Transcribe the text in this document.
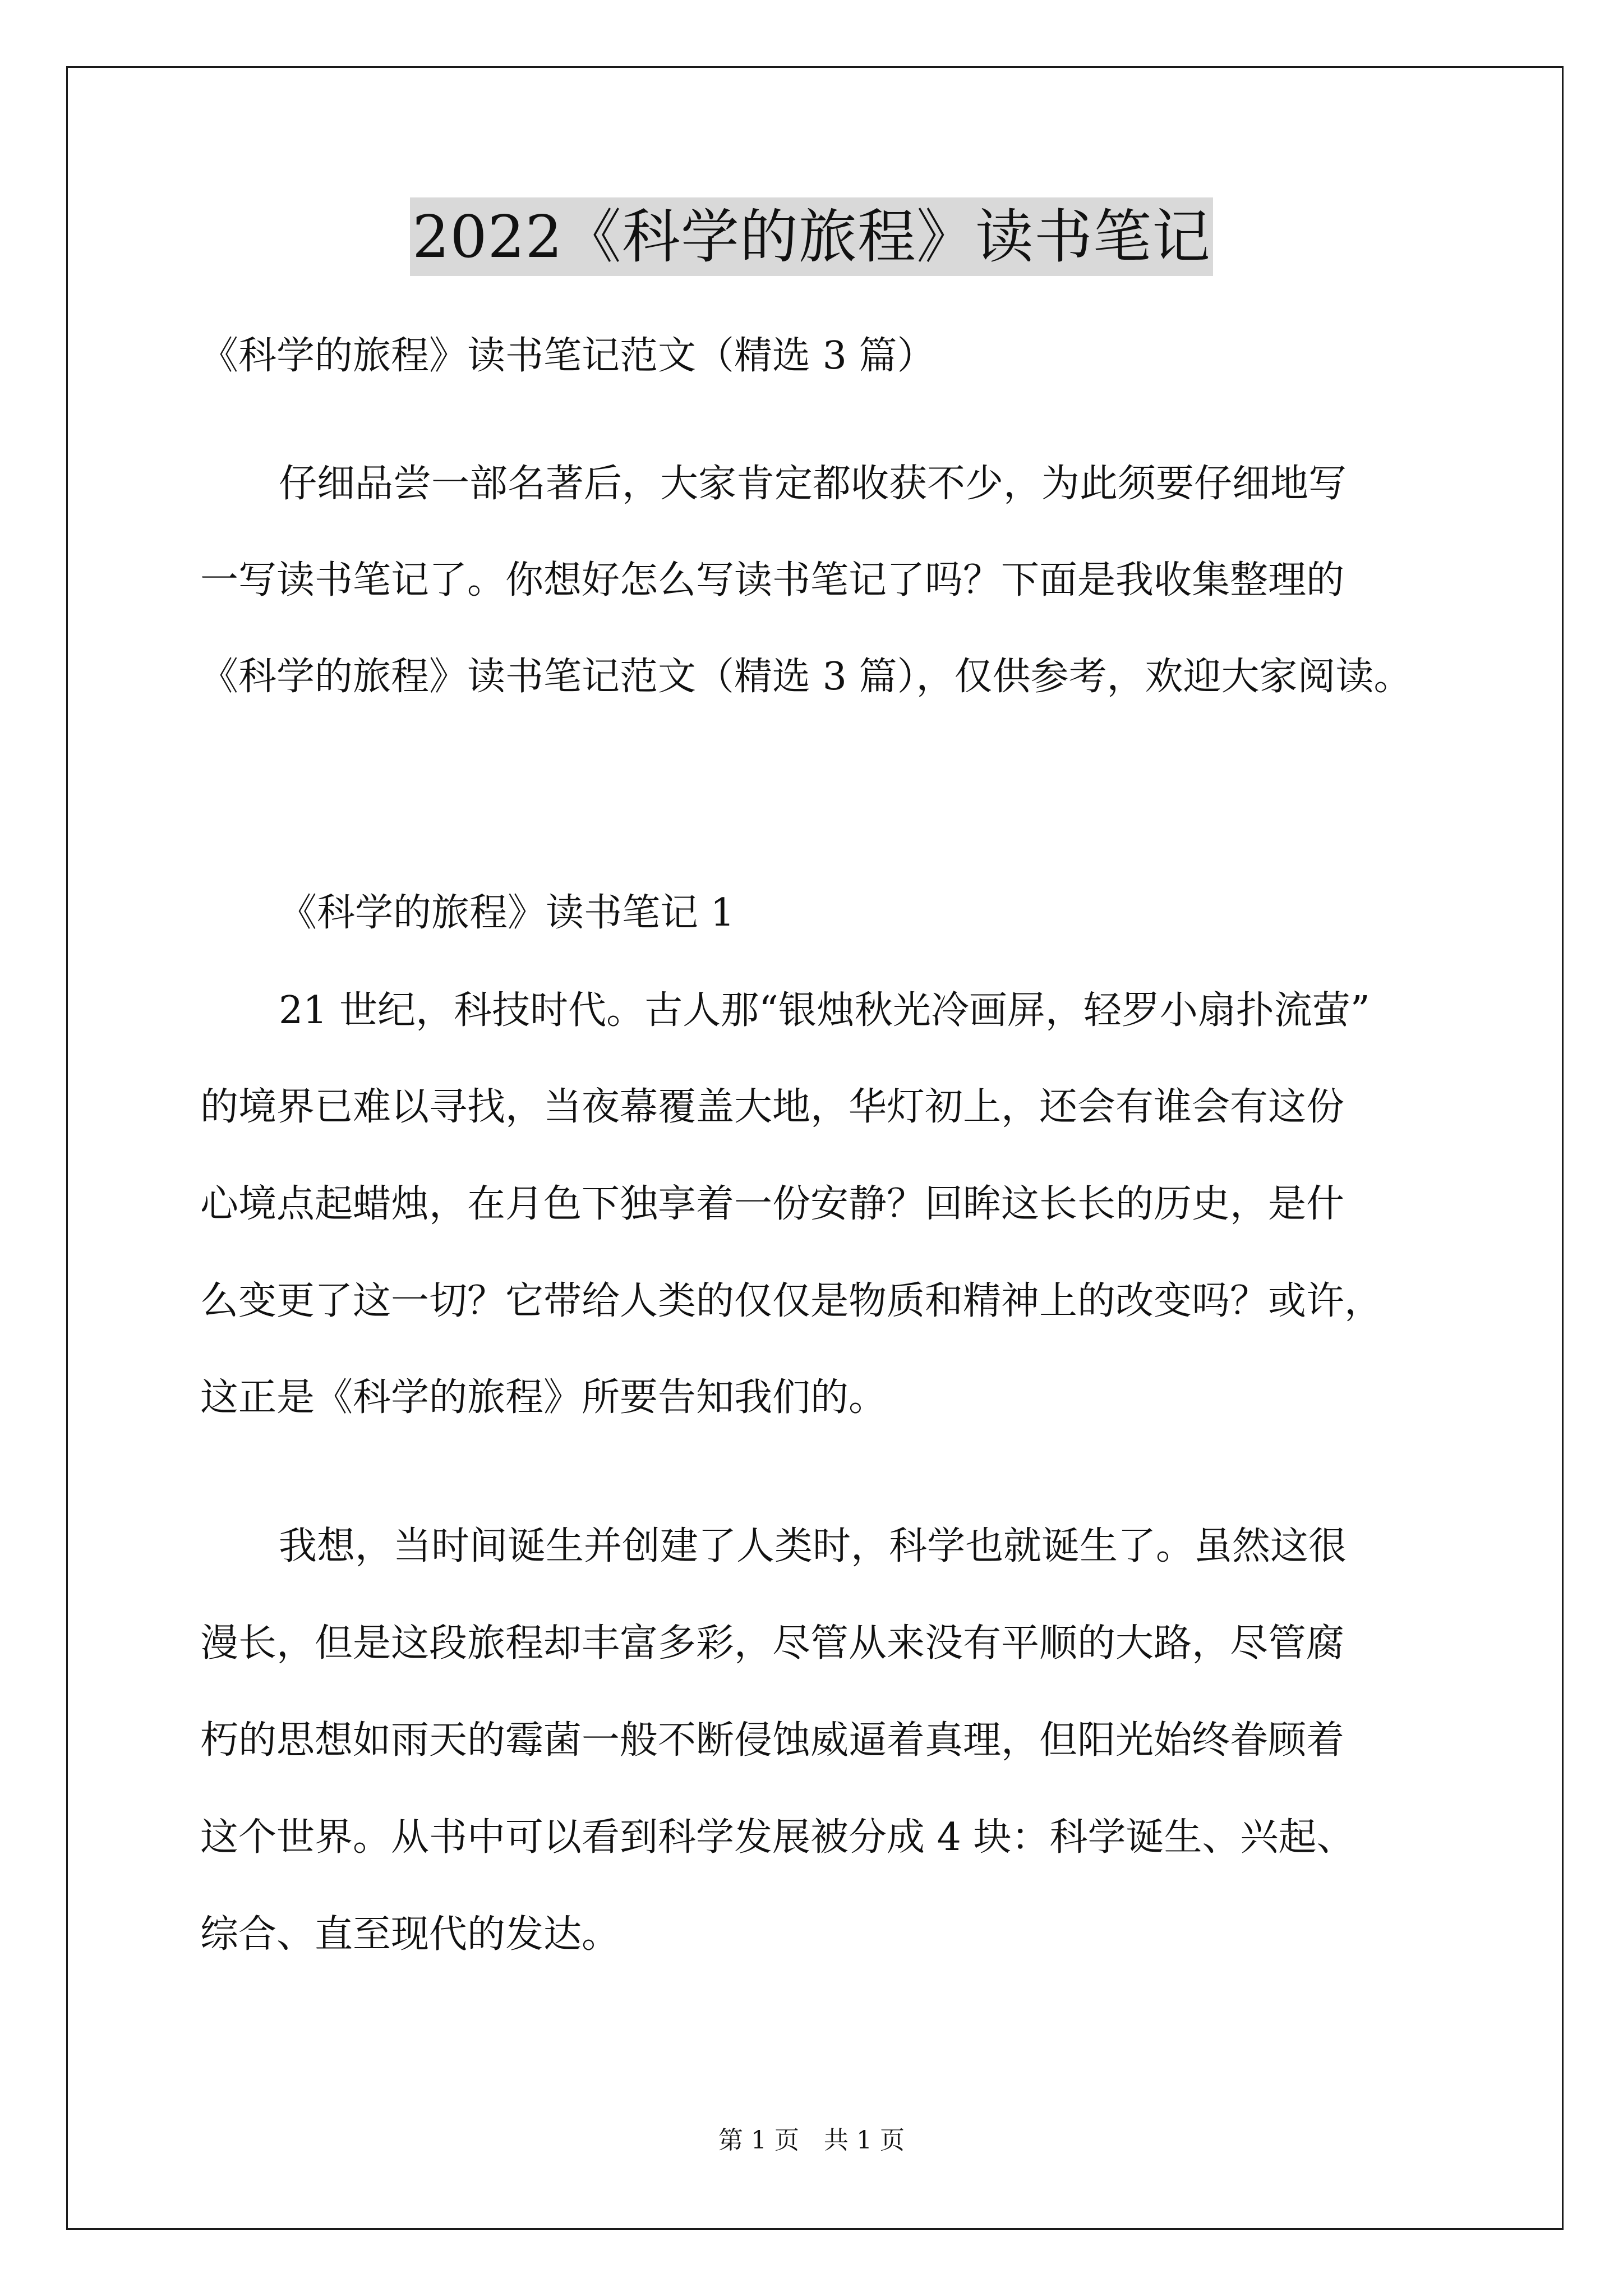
2022《科学的旅程》读书笔记
《科学的旅程》读书笔记范文（精选 3 篇）
仔细品尝一部名著后，大家肯定都收获不少，为此须要仔细地写
一写读书笔记了。你想好怎么写读书笔记了吗？下面是我收集整理的
《科学的旅程》读书笔记范文（精选 3 篇），仅供参考，欢迎大家阅读。
《科学的旅程》读书笔记 1
21 世纪，科技时代。古人那“银烛秋光冷画屏，轻罗小扇扑流萤”
的境界已难以寻找，当夜幕覆盖大地，华灯初上，还会有谁会有这份
心境点起蜡烛，在月色下独享着一份安静？回眸这长长的历史，是什
么变更了这一切？它带给人类的仅仅是物质和精神上的改变吗？或许，
这正是《科学的旅程》所要告知我们的。
我想，当时间诞生并创建了人类时，科学也就诞生了。虽然这很
漫长，但是这段旅程却丰富多彩，尽管从来没有平顺的大路，尽管腐
朽的思想如雨天的霉菌一般不断侵蚀威逼着真理，但阳光始终眷顾着
这个世界。从书中可以看到科学发展被分成 4 块：科学诞生、兴起、
综合、直至现代的发达。
第 1 页　共 1 页
